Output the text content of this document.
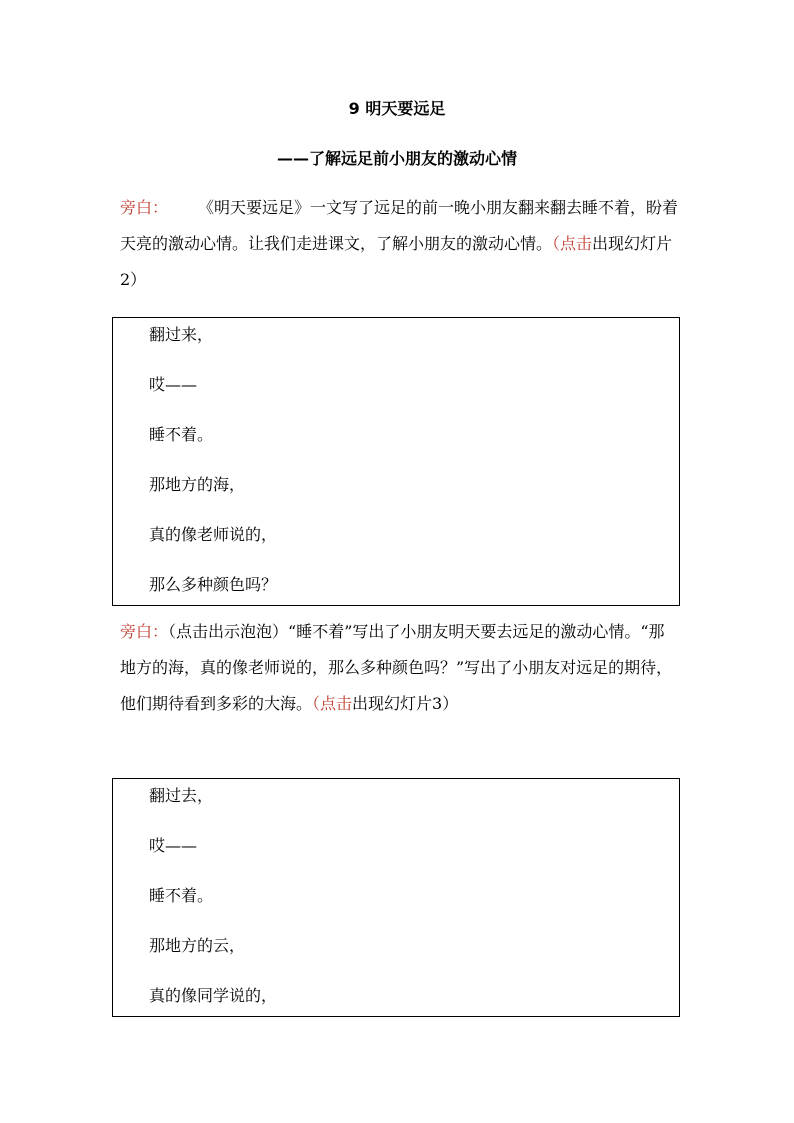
9 明天要远足
——了解远足前小朋友的激动心情
旁白： 《明天要远足》一文写了远足的前一晚小朋友翻来翻去睡不着，盼着天亮的激动心情。让我们走进课文，了解小朋友的激动心情。（点击出现幻灯片2）
翻过来，
哎——
睡不着。
那地方的海，
真的像老师说的，
那么多种颜色吗？
旁白：（点击出示泡泡）“睡不着”写出了小朋友明天要去远足的激动心情。“那地方的海，真的像老师说的，那么多种颜色吗？”写出了小朋友对远足的期待，他们期待看到多彩的大海。（点击出现幻灯片3）
翻过去，
哎——
睡不着。
那地方的云，
真的像同学说的，
